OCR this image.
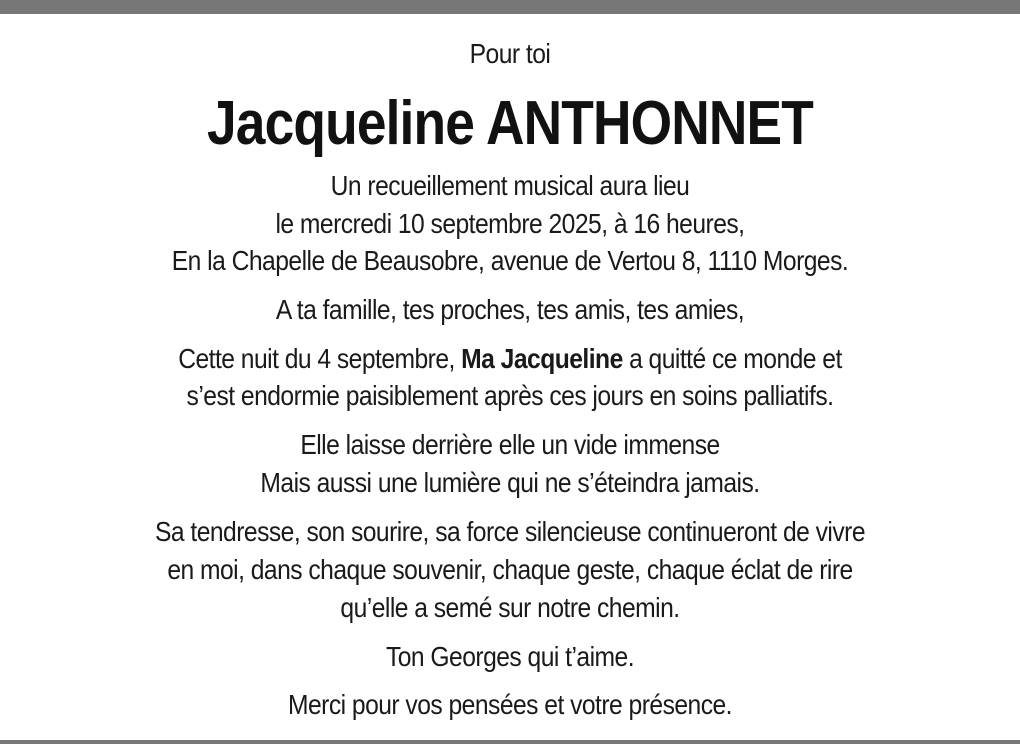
Pour toi
Jacqueline ANTHONNET
Un recueillement musical aura lieu
le mercredi 10 septembre 2025, à 16 heures,
En la Chapelle de Beausobre, avenue de Vertou 8, 1110 Morges.
A ta famille, tes proches, tes amis, tes amies,
Cette nuit du 4 septembre, Ma Jacqueline a quitté ce monde et
s’est endormie paisiblement après ces jours en soins palliatifs.
Elle laisse derrière elle un vide immense
Mais aussi une lumière qui ne s’éteindra jamais.
Sa tendresse, son sourire, sa force silencieuse continueront de vivre
en moi, dans chaque souvenir, chaque geste, chaque éclat de rire
qu’elle a semé sur notre chemin.
Ton Georges qui t’aime.
Merci pour vos pensées et votre présence.
